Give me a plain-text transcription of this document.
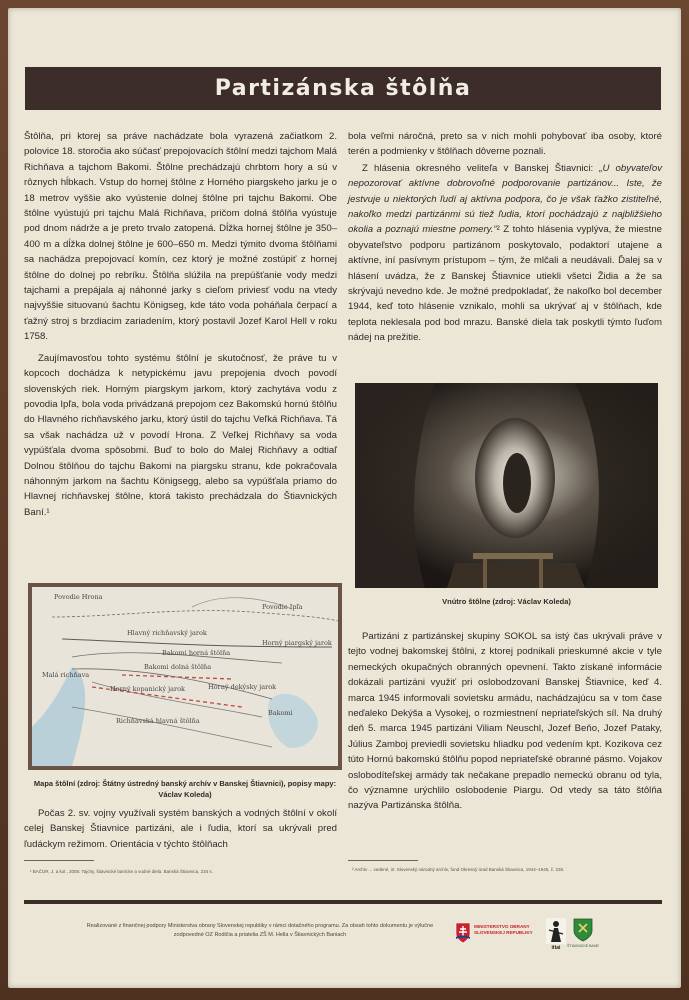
Partizánska štôlňa

Štôlňa, pri ktorej sa práve nachádzate bola vyrazená začiatkom 2. polovice 18. storočia ako súčasť prepojovacích štôlní medzi tajchom Malá Richňava a tajchom Bakomi. Štôlne prechádzajú chrbtom hory a sú v rôznych hĺbkach. Vstup do hornej štôlne z Horného piargskeho jarku je o 18 metrov vyššie ako vyústenie dolnej štôlne pri tajchu Bakomi. Obe štôlne vyústujú pri tajchu Malá Richňava, pričom dolná štôlňa vyústuje pod dnom nádrže a je preto trvalo zatopená. Dĺžka hornej štôlne je 350–400 m a dĺžka dolnej štôlne je 600–650 m. Medzi týmito dvoma štôlňami sa nachádza prepojovací komín, cez ktorý je možné zostúpiť z hornej štôlne do dolnej po rebríku. Štôlňa slúžila na prepúšťanie vody medzi tajchami a prepájala aj náhonné jarky s cieľom priviesť vodu na vtedy najvyššie situovanú šachtu Königseg, kde táto voda poháňala čerpací a ťažný stroj s brzdiacim zariadením, ktorý postavil Jozef Karol Hell v roku 1758.

Zaujímavosťou tohto systému štôlní je skutočnosť, že práve tu v kopcoch dochádza k netypickému javu prepojenia dvoch povodí slovenských riek. Horným piargskym jarkom, ktorý zachytáva vodu z povodia Ipľa, bola voda privádzaná prepojom cez Bakomskú hornú štôlňu do Hlavného richňavského jarku, ktorý ústil do tajchu Veľká Richňava. Tá sa však nachádza už v povodí Hrona. Z Veľkej Richňavy sa voda vypúšťala dvoma spôsobmi. Buď to bolo do Malej Richňavy a odtiaľ Dolnou štôlňou do tajchu Bakomi na piargsku stranu, kde pokračovala náhonným jarkom na šachtu Königsegg, alebo sa vypúšťala priamo do Hlavnej richňavskej štôlne, ktorá takisto prechádzala do Štiavnických Baní.¹

bola veľmi náročná, preto sa v nich mohli pohybovať iba osoby, ktoré terén a podmienky v štôlňach dôverne poznali.

Z hlásenia okresného veliteľa v Banskej Štiavnici: „U obyvateľov nepozorovať aktívne dobrovoľné podporovanie partizánov... Iste, že jestvuje u niektorých ľudí aj aktívna podpora, čo je však ťažko zistiteľné, nakoľko medzi partizánmi sú tiež ľudia, ktorí pochádzajú z najbližšieho okolia a poznajú miestne pomery.“² Z tohto hlásenia vyplýva, že miestne obyvateľstvo podporu partizánom poskytovalo, podaktorí utajene a aktívne, iní pasívnym prístupom – tým, že mlčali a neudávali. Ďalej sa v hlásení uvádza, že z Banskej Štiavnice utiekli všetci Židia a že sa skrývajú nevedno kde. Je možné predpokladať, že nakoľko bol december 1944, keď toto hlásenie vznikalo, mohli sa ukrývať aj v štôlňach, kde teplota neklesala pod bod mrazu. Banské diela tak poskytli týmto ľuďom nádej na prežitie.

Vnútro štôlne (zdroj: Václav Koleda)

Partizáni z partizánskej skupiny SOKOL sa istý čas ukrývali práve v tejto vodnej bakomskej štôlni, z ktorej podnikali prieskumné akcie v tyle nemeckých okupačných obranných opevnení. Takto získané informácie dokázali partizáni využiť pri oslobodzovaní Banskej Štiavnice, keď 4. marca 1945 informovali sovietsku armádu, nachádzajúcu sa v tom čase neďaleko Dekýša a Vysokej, o rozmiestnení nepriateľských síl. Na druhý deň 5. marca 1945 partizáni Viliam Neuschl, Jozef Beňo, Jozef Pataky, Július Zamboj previedli sovietsku hliadku pod vedením kpt. Kozikova cez túto Hornú bakomskú štôlňu popod nepriateľské obranné pásmo. Vojakov oslobodíteľskej armády tak nečakane prepadlo nemeckú obranu od tyla, čo významne urýchlilo oslobodenie Piargu. Od vtedy sa táto štôlňa nazýva Partizánska štôlňa.

Povodie Hrona
Povodie Ipľa
Hlavný richňavský jarok
Bakomi horná štôlňa
Bakomi dolná štôlňa
Horný piargský jarok
Malá richňava
Horný kopanický jarok	Horný dekýsky jarok
Bakomi
Richňavská hlavná štôlňa
Mapa štôlní (zdroj: Štátny ústredný banský archív v Banskej Štiavnici), popisy mapy: Václav Koleda)

Počas 2. sv. vojny využívali systém banských a vodných štôlní v okolí celej Banskej Štiavnice partizáni, ale i ľudia, ktorí sa ukrývali pred ľudáckym režimom. Orientácia v týchto štôlňach

¹ BAČÚR, J. a kol., 2005: Tajchy, štiavnické banícke a vodné diela. Banská Štiavnica, 234 s.	² Archív ... vedené, in: Slovenský národný archív, fond Okresný úrad Banská Štiavnica, 1944–1945, č. 236.
Realizované z finančnej podpory Ministerstva obrany Slovenskej republiky v rámci dotačného programu. Za obsah tohto dokumentu je výlučne zodpovedné OZ Rodičia a priatelia ZŠ M. Hella v Štiavnických Baniach
MINISTERSTVO OBRANY SLOVENSKEJ REPUBLIKY
ittai	ŠTIAVNICKÉ BANE
